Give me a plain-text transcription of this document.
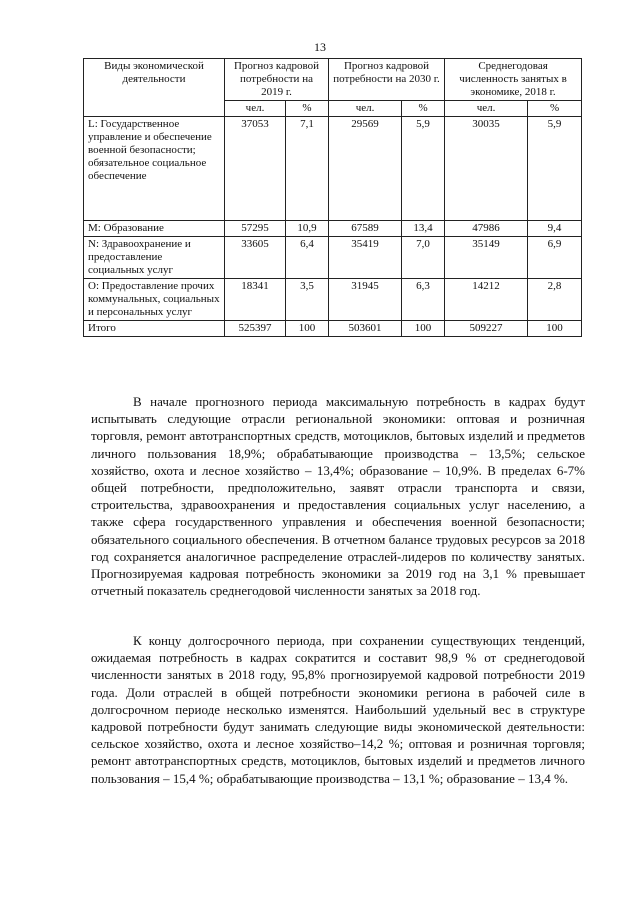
13
Виды экономической деятельности	Прогноз кадровой потребности на 2019 г.		Прогноз кадровой потребности на 2030 г.		Среднегодовая численность занятых в экономике, 2018 г.	
	чел.	%	чел.	%	чел.	%
L: Государственное управление и обеспечение военной безопасности; обязательное социальное обеспечение	37053	7,1	29569	5,9	30035	5,9
М: Образование	57295	10,9	67589	13,4	47986	9,4
N: Здравоохранение и предоставление социальных услуг	33605	6,4	35419	7,0	35149	6,9
O: Предоставление прочих коммунальных, социальных и персональных услуг	18341	3,5	31945	6,3	14212	2,8
Итого	525397	100	503601	100	509227	100

В начале прогнозного периода максимальную потребность в кадрах будут испытывать следующие отрасли региональной экономики: оптовая и розничная торговля, ремонт автотранспортных средств, мотоциклов, бытовых изделий и предметов личного пользования 18,9%; обрабатывающие производства – 13,5%; сельское хозяйство, охота и лесное хозяйство – 13,4%; образование – 10,9%. В пределах 6-7% общей потребности, предположительно, заявят отрасли транспорта и связи, строительства, здравоохранения и предоставления социальных услуг населению, а также сфера государственного управления и обеспечения военной безопасности; обязательного социального обеспечения. В отчетном балансе трудовых ресурсов за 2018 год сохраняется аналогичное распределение отраслей-лидеров по количеству занятых. Прогнозируемая кадровая потребность экономики за 2019 год на 3,1 % превышает отчетный показатель среднегодовой численности занятых за 2018 год.

К концу долгосрочного периода, при сохранении существующих тенденций, ожидаемая потребность в кадрах сократится и составит 98,9 % от среднегодовой численности занятых в 2018 году, 95,8% прогнозируемой кадровой потребности 2019 года. Доли отраслей в общей потребности экономики региона в рабочей силе в долгосрочном периоде несколько изменятся. Наибольший удельный вес в структуре кадровой потребности будут занимать следующие виды экономической деятельности: сельское хозяйство, охота и лесное хозяйство–14,2 %; оптовая и розничная торговля; ремонт автотранспортных средств, мотоциклов, бытовых изделий и предметов личного пользования – 15,4 %; обрабатывающие производства – 13,1 %; образование – 13,4 %.
